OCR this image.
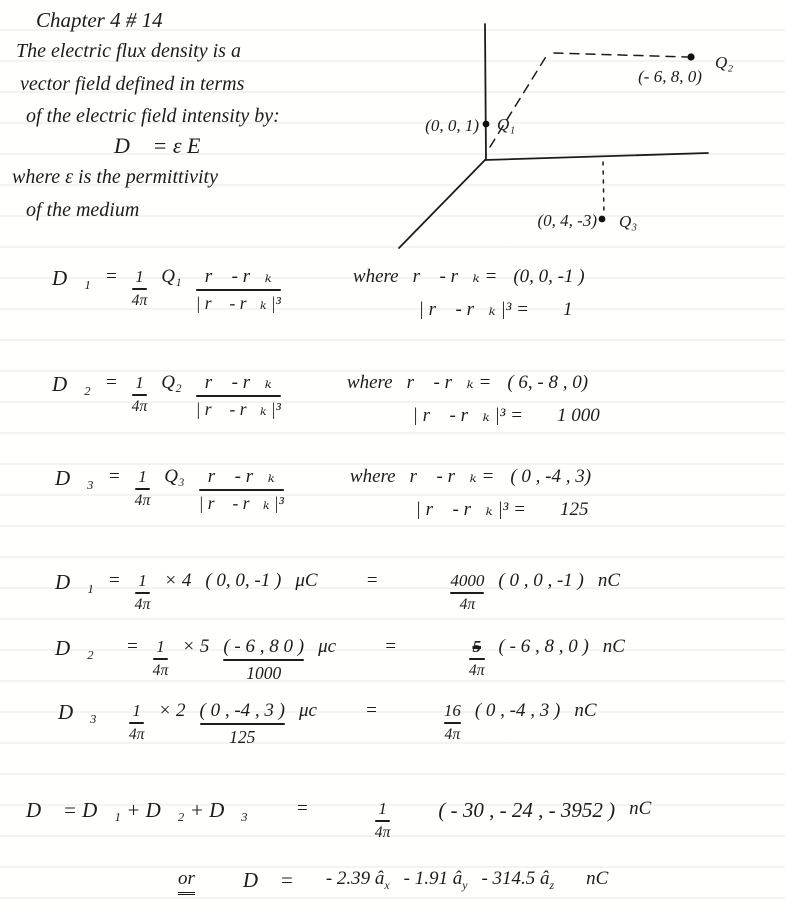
Chapter 4 # 14
The electric flux density is a
vector field defined in terms
of the electric field intensity by:
D⃗ = ε E⃗
where ε is the permittivity
of the medium
(0, 0, 1) Q₁
(- 6, 8, 0)
Q₂
(0, 4, -3) Q₃
D⃗₁ = $\frac{1}{4\pi} Q_1 \frac{\text{r⃗ - r⃗ₖ}}{\text{| r⃗ - r⃗ₖ |³}}$	where r⃗ - r⃗ₖ = (0, 0, -1 )
| r⃗ - r⃗ₖ |³ = 1
D⃗₂ = $\frac{1}{4\pi} Q_2 \frac{\text{r⃗ - r⃗ₖ}}{\text{| r⃗ - r⃗ₖ |³}}$	where r⃗ - r⃗ₖ = ( 6, - 8 , 0)
| r⃗ - r⃗ₖ |³ = 1 000
D⃗₃ = $\frac{1}{4\pi} Q_3 \frac{\text{r⃗ - r⃗ₖ}}{\text{| r⃗ - r⃗ₖ |³}}$	where r⃗ - r⃗ₖ = ( 0 , -4 , 3)
| r⃗ - r⃗ₖ |³ = 125
D⃗₁ = $\frac{1}{4\pi} \times 4$ ( 0, 0, -1 ) μC	=	$\frac{4000}{4\pi}$ ( 0 , 0 , -1 ) nC
D⃗₂ = $\frac{1}{4\pi} \times 5 \frac{( - 6 , 8 0 )}{1000}$ μc	=	$\frac{5}{4\pi}$ ( - 6 , 8 , 0 ) nC
D⃗₃ $\frac{1}{4\pi} \times 2 \frac{( 0 , -4 , 3 )}{125}$ μc	=	$\frac{16}{4\pi}$ ( 0 , -4 , 3 ) nC
D⃗ = D⃗₁ + D⃗₂ + D⃗₃	=	$\frac{1}{4\pi}$ ( - 30 , - 24 , - 3952 ) nC
or D⃗ = - 2.39 $â_x - 1.91$ $â_y - 314.5$ $â_z$ nC
